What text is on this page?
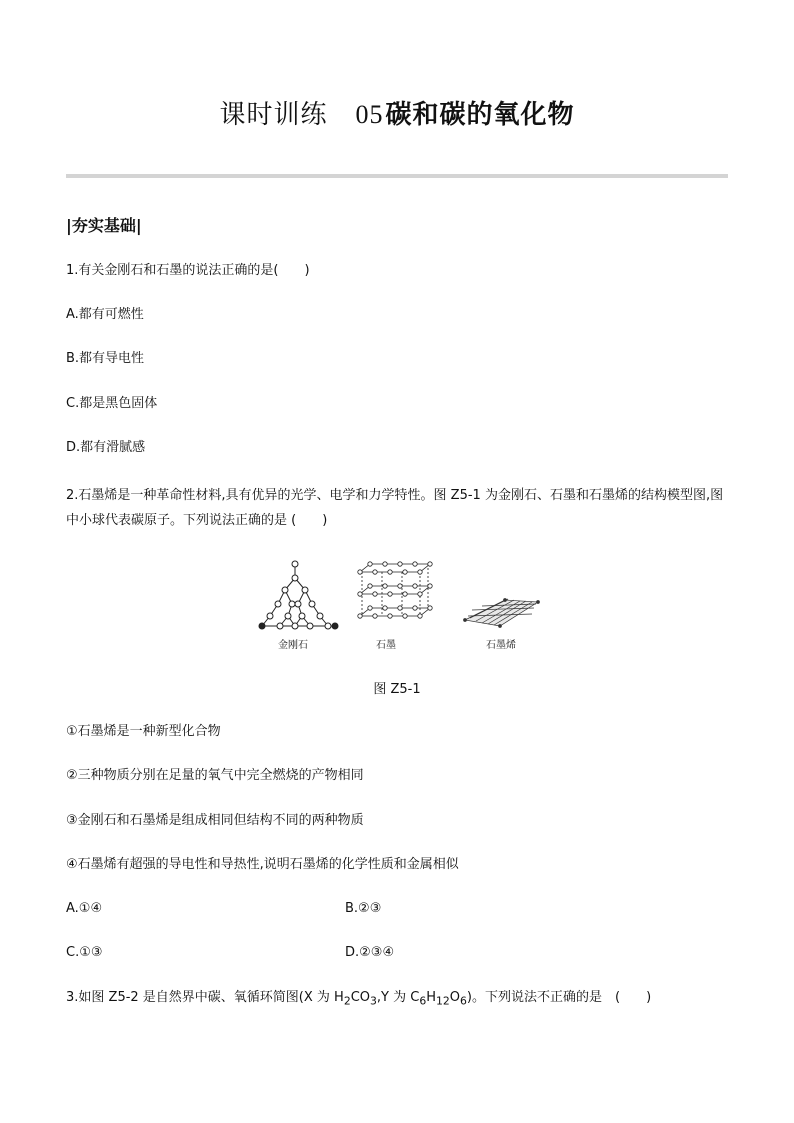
课时训练 05碳和碳的氧化物
|夯实基础|
1.有关金刚石和石墨的说法正确的是(　　)
A.都有可燃性
B.都有导电性
C.都是黑色固体
D.都有滑腻感
2.石墨烯是一种革命性材料,具有优异的光学、电学和力学特性。图 Z5-1 为金刚石、石墨和石墨烯的结构模型图,图中小球代表碳原子。下列说法正确的是 (　　)
金刚石	石墨	石墨烯
图 Z5-1
①石墨烯是一种新型化合物
②三种物质分别在足量的氧气中完全燃烧的产物相同
③金刚石和石墨烯是组成相同但结构不同的两种物质
④石墨烯有超强的导电性和导热性,说明石墨烯的化学性质和金属相似
A.①④	B.②③
C.①③	D.②③④
3.如图 Z5-2 是自然界中碳、氧循环简图(X 为 $H_2CO_3,Y$ 为 $C_6H_{12}O_6$)。下列说法不正确的是　(　　)
